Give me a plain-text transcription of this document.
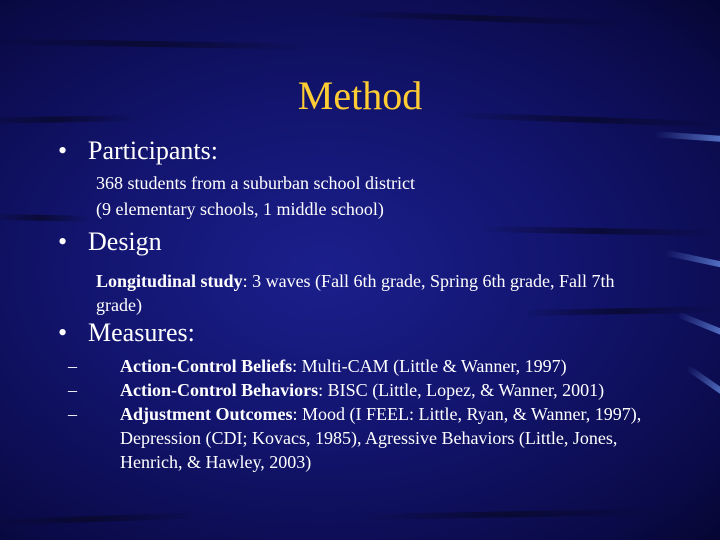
Method
• Participants:
368 students from a suburban school district
(9 elementary schools, 1 middle school)
• Design
Longitudinal study: 3 waves (Fall 6th grade, Spring 6th grade, Fall 7th grade)
• Measures:
–	Action-Control Beliefs: Multi-CAM (Little & Wanner, 1997)
–	Action-Control Behaviors: BISC (Little, Lopez, & Wanner, 2001)
–	Adjustment Outcomes: Mood (I FEEL: Little, Ryan, & Wanner, 1997), Depression (CDI; Kovacs, 1985), Agressive Behaviors (Little, Jones, Henrich, & Hawley, 2003)
